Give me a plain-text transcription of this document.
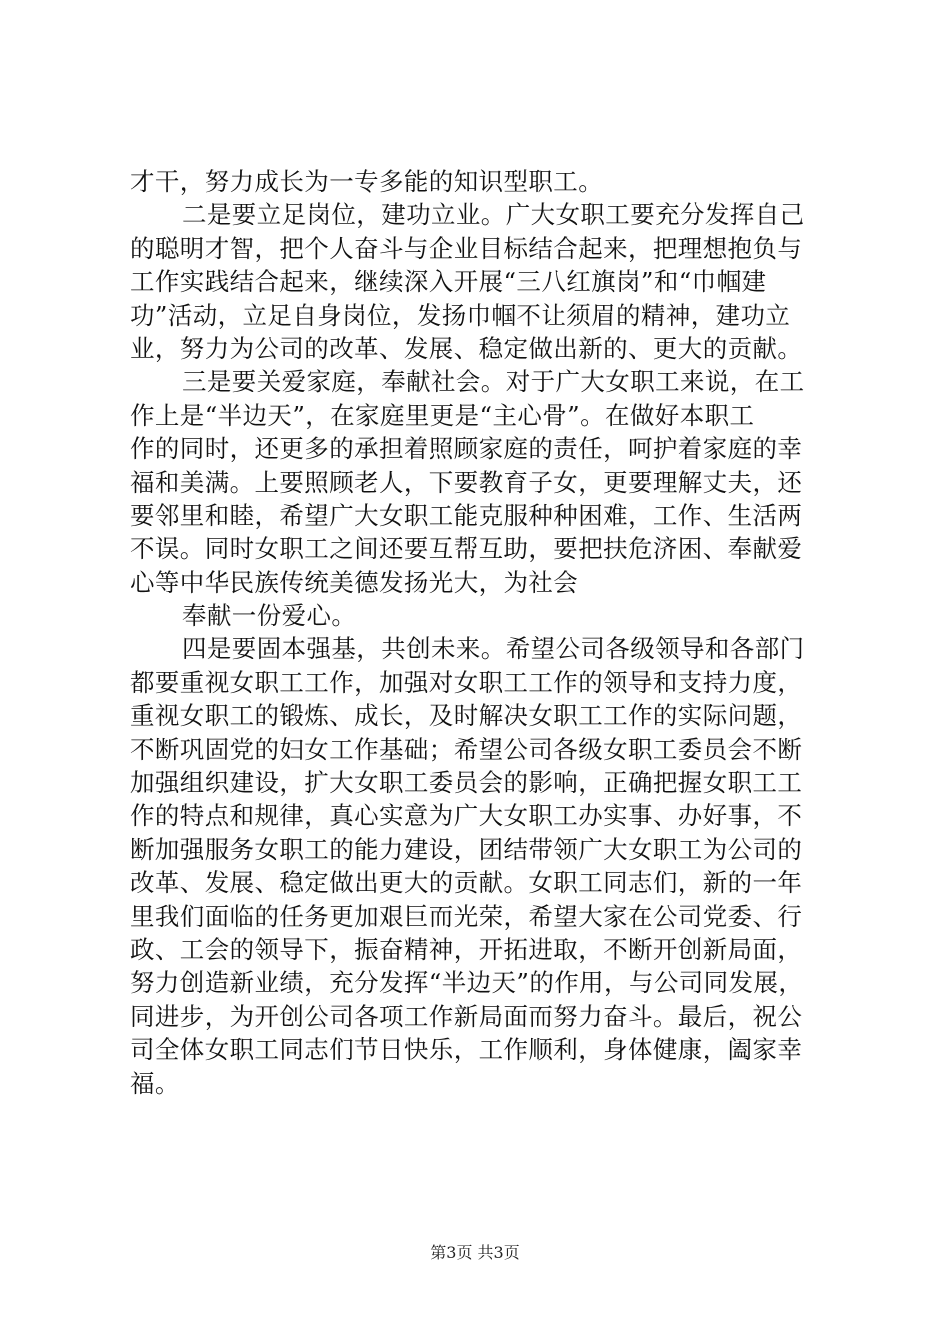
才干，努力成长为一专多能的知识型职工。
二是要立足岗位，建功立业。广大女职工要充分发挥自己
的聪明才智，把个人奋斗与企业目标结合起来，把理想抱负与
工作实践结合起来，继续深入开展“三八红旗岗”和“巾帼建
功”活动，立足自身岗位，发扬巾帼不让须眉的精神，建功立
业，努力为公司的改革、发展、稳定做出新的、更大的贡献。
三是要关爱家庭，奉献社会。对于广大女职工来说，在工
作上是“半边天”，在家庭里更是“主心骨”。在做好本职工
作的同时，还更多的承担着照顾家庭的责任，呵护着家庭的幸
福和美满。上要照顾老人，下要教育子女，更要理解丈夫，还
要邻里和睦，希望广大女职工能克服种种困难，工作、生活两
不误。同时女职工之间还要互帮互助，要把扶危济困、奉献爱
心等中华民族传统美德发扬光大，为社会
奉献一份爱心。
四是要固本强基，共创未来。希望公司各级领导和各部门
都要重视女职工工作，加强对女职工工作的领导和支持力度，
重视女职工的锻炼、成长，及时解决女职工工作的实际问题，
不断巩固党的妇女工作基础；希望公司各级女职工委员会不断
加强组织建设，扩大女职工委员会的影响，正确把握女职工工
作的特点和规律，真心实意为广大女职工办实事、办好事，不
断加强服务女职工的能力建设，团结带领广大女职工为公司的
改革、发展、稳定做出更大的贡献。女职工同志们，新的一年
里我们面临的任务更加艰巨而光荣，希望大家在公司党委、行
政、工会的领导下，振奋精神，开拓进取，不断开创新局面，
努力创造新业绩，充分发挥“半边天”的作用，与公司同发展，
同进步，为开创公司各项工作新局面而努力奋斗。最后，祝公
司全体女职工同志们节日快乐，工作顺利，身体健康，阖家幸
福。
第3页 共3页
